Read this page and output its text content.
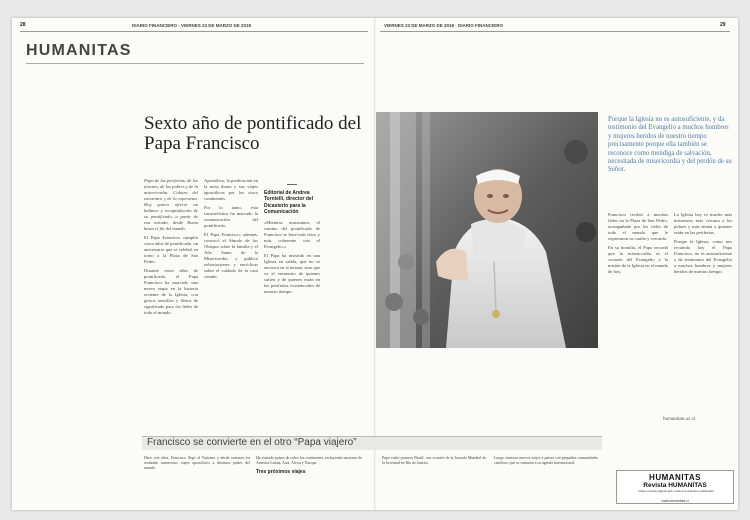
28	DIARIO FINANCIERO · VIERNES 23 DE MARZO DE 2018	VIERNES 23 DE MARZO DE 2018 · DIARIO FINANCIERO	29
HUMANITAS
Sexto año de pontificado del Papa Francisco
Porque la Iglesia no es autosuficiente, y da testimonio del Evangelio a muchos hombres y mujeres heridos de nuestro tiempo precisamente porque ella también se reconoce como mendiga de salvación, necesitada de misericordia y del perdón de su Señor.

Papa de las periferias, de los jóvenes, de los pobres y de la misericordia. Cultura del encuentro y de la esperanza. Hoy quiero ofrecer un balance y recapitulación de su pontificado, a partir de esa mirada, desde Roma hasta el fin del mundo.

El Papa Francisco cumplió cinco años de pontificado, un aniversario que se celebró en torno a la Plaza de San Pedro.

Durante estos años de pontificado, el Papa Francisco ha marcado una nueva etapa en la historia reciente de la Iglesia, con gestos sencillos y llenos de significado para los fieles de todo el mundo.

Apostólico, la predicación en la misa diaria y sus viajes apostólicos por los cinco continentes.

Por lo tanto, esta característica ha marcado la comunicación del pontificado.

El Papa Francisco, además, convocó el Sínodo de los Obispos sobre la familia y el Año Santo de la Misericordia, y publicó exhortaciones y encíclicas sobre el cuidado de la casa común.

Editorial de Andrea Tornielli, director del Dicasterio para la Comunicación

«Mientras avanzamos, el camino del pontificado de Francisco se hace más claro y más coherente con el Evangelio.»

El Papa ha insistido en una Iglesia en salida, que no se encierra en sí misma, sino que va al encuentro de quienes sufren y de quienes están en las periferias existenciales de nuestro tiempo.

Francisco recibió a muchos fieles en la Plaza de San Pedro, acompañado por los fieles de todo el mundo que le expresaron su cariño y cercanía.

En su homilía, el Papa recordó que la misericordia es el corazón del Evangelio y la misión de la Iglesia en el mundo de hoy.

La Iglesia hoy es mucho más misionera, más cercana a los pobres y más atenta a quienes están en las periferias.

Porque la Iglesia, como nos recuerda hoy el Papa Francisco, no es autosuficiente y da testimonio del Evangelio a muchos hombres y mujeres heridos de nuestro tiempo.

Francisco se convierte en el otro “Papa viajero”

Hace seis años, Francisco llegó al Vaticano y desde entonces ha realizado numerosos viajes apostólicos a distintos países del mundo.

Ha visitado países de todos los continentes, incluyendo naciones de América Latina, Asia, África y Europa.

Tres próximos viajes

Papa visitó primero Brasil, con ocasión de la Jornada Mundial de la Juventud en Río de Janeiro.

Luego vinieron nuevos viajes a países con pequeñas comunidades católicas, que se sumaron a su agenda internacional.

humanitas.uc.cl
HUMANITAS
Revista HUMANITAS
Visite nuestra página web: todos los artículos publicados
www.humanitas.cl
